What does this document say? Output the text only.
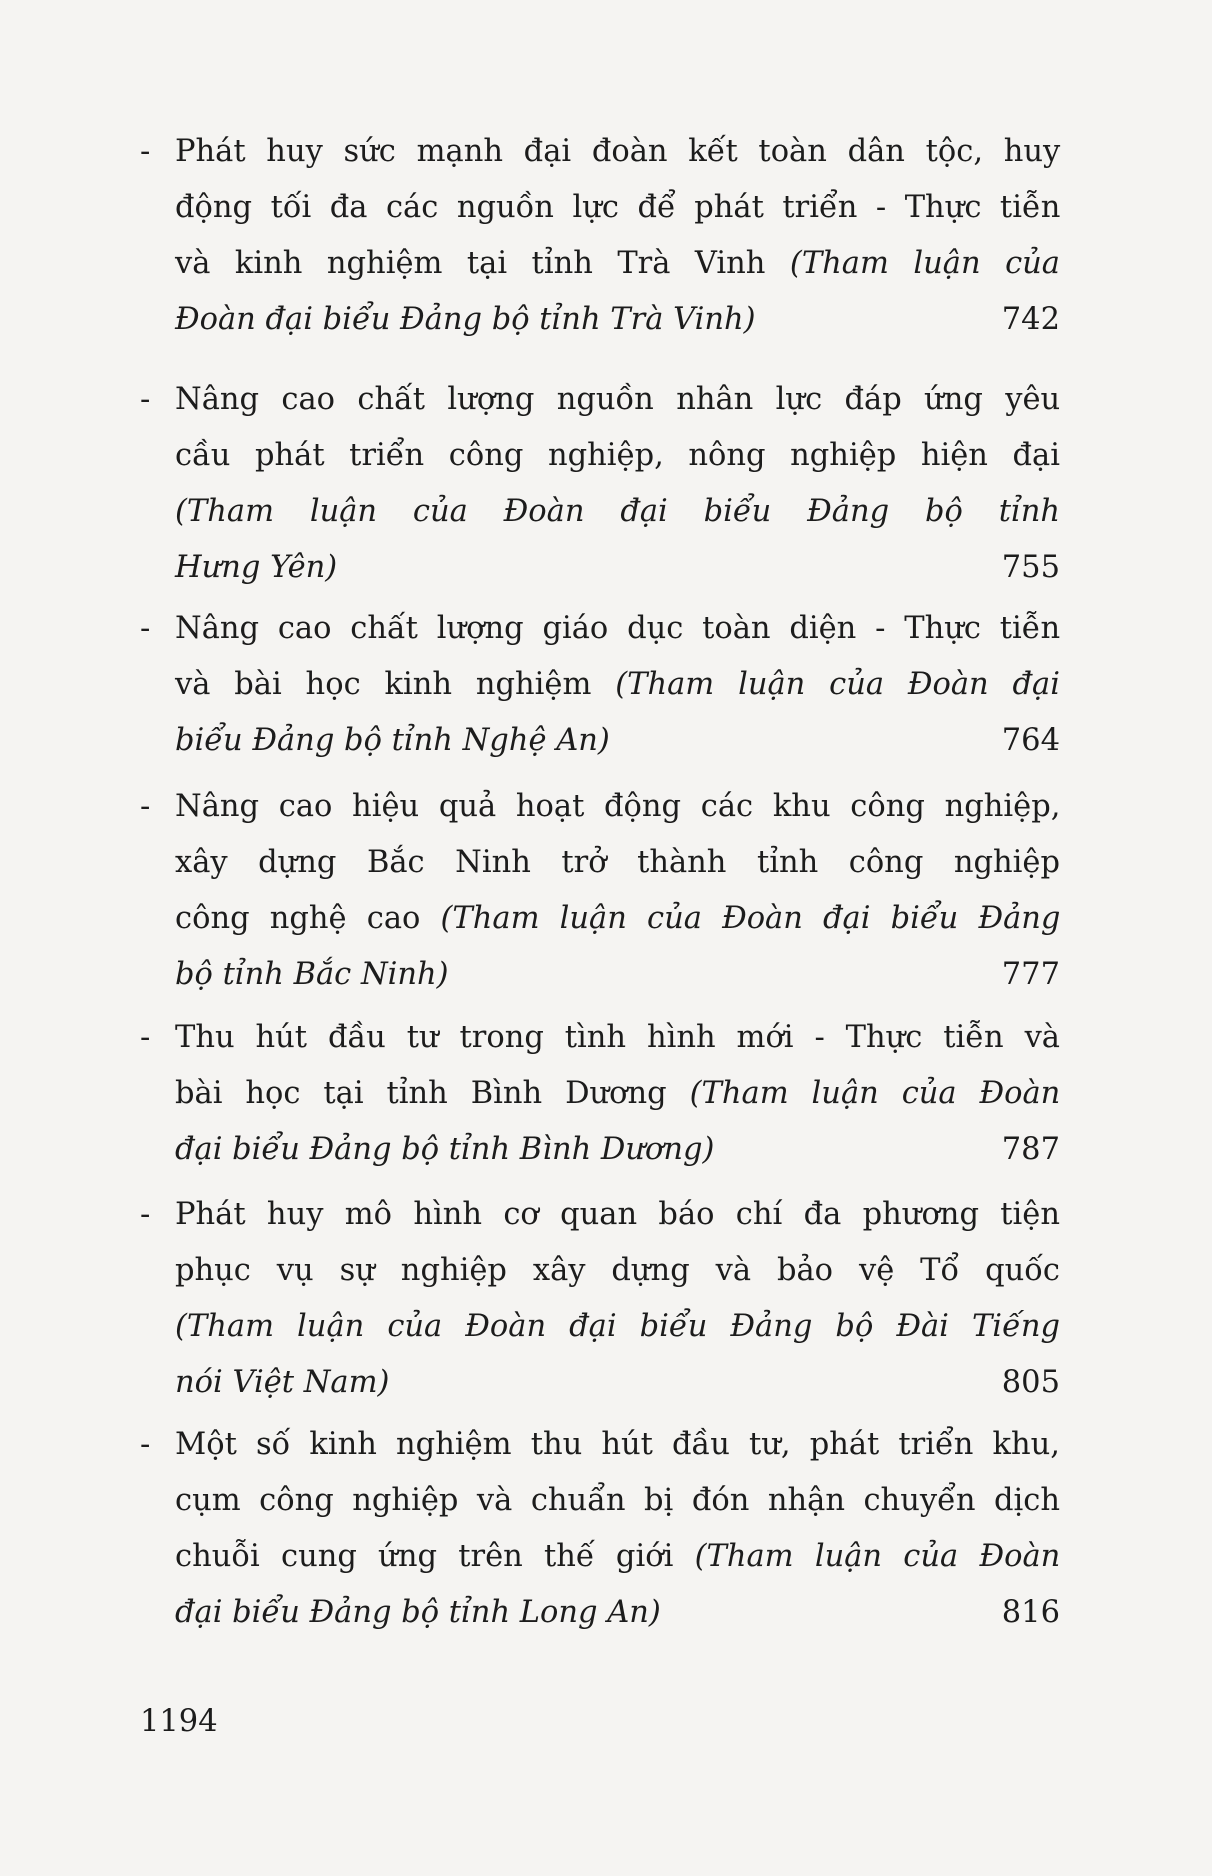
- Phát huy sức mạnh đại đoàn kết toàn dân tộc, huy
động tối đa các nguồn lực để phát triển - Thực tiễn
và kinh nghiệm tại tỉnh Trà Vinh (Tham luận của
Đoàn đại biểu Đảng bộ tỉnh Trà Vinh)	742
- Nâng cao chất lượng nguồn nhân lực đáp ứng yêu
cầu phát triển công nghiệp, nông nghiệp hiện đại
(Tham luận của Đoàn đại biểu Đảng bộ tỉnh
Hưng Yên)	755
- Nâng cao chất lượng giáo dục toàn diện - Thực tiễn
và bài học kinh nghiệm (Tham luận của Đoàn đại
biểu Đảng bộ tỉnh Nghệ An)	764
- Nâng cao hiệu quả hoạt động các khu công nghiệp,
xây dựng Bắc Ninh trở thành tỉnh công nghiệp
công nghệ cao (Tham luận của Đoàn đại biểu Đảng
bộ tỉnh Bắc Ninh)	777
- Thu hút đầu tư trong tình hình mới - Thực tiễn và
bài học tại tỉnh Bình Dương (Tham luận của Đoàn
đại biểu Đảng bộ tỉnh Bình Dương)	787
- Phát huy mô hình cơ quan báo chí đa phương tiện
phục vụ sự nghiệp xây dựng và bảo vệ Tổ quốc
(Tham luận của Đoàn đại biểu Đảng bộ Đài Tiếng
nói Việt Nam)	805
- Một số kinh nghiệm thu hút đầu tư, phát triển khu,
cụm công nghiệp và chuẩn bị đón nhận chuyển dịch
chuỗi cung ứng trên thế giới (Tham luận của Đoàn
đại biểu Đảng bộ tỉnh Long An)	816
1194
